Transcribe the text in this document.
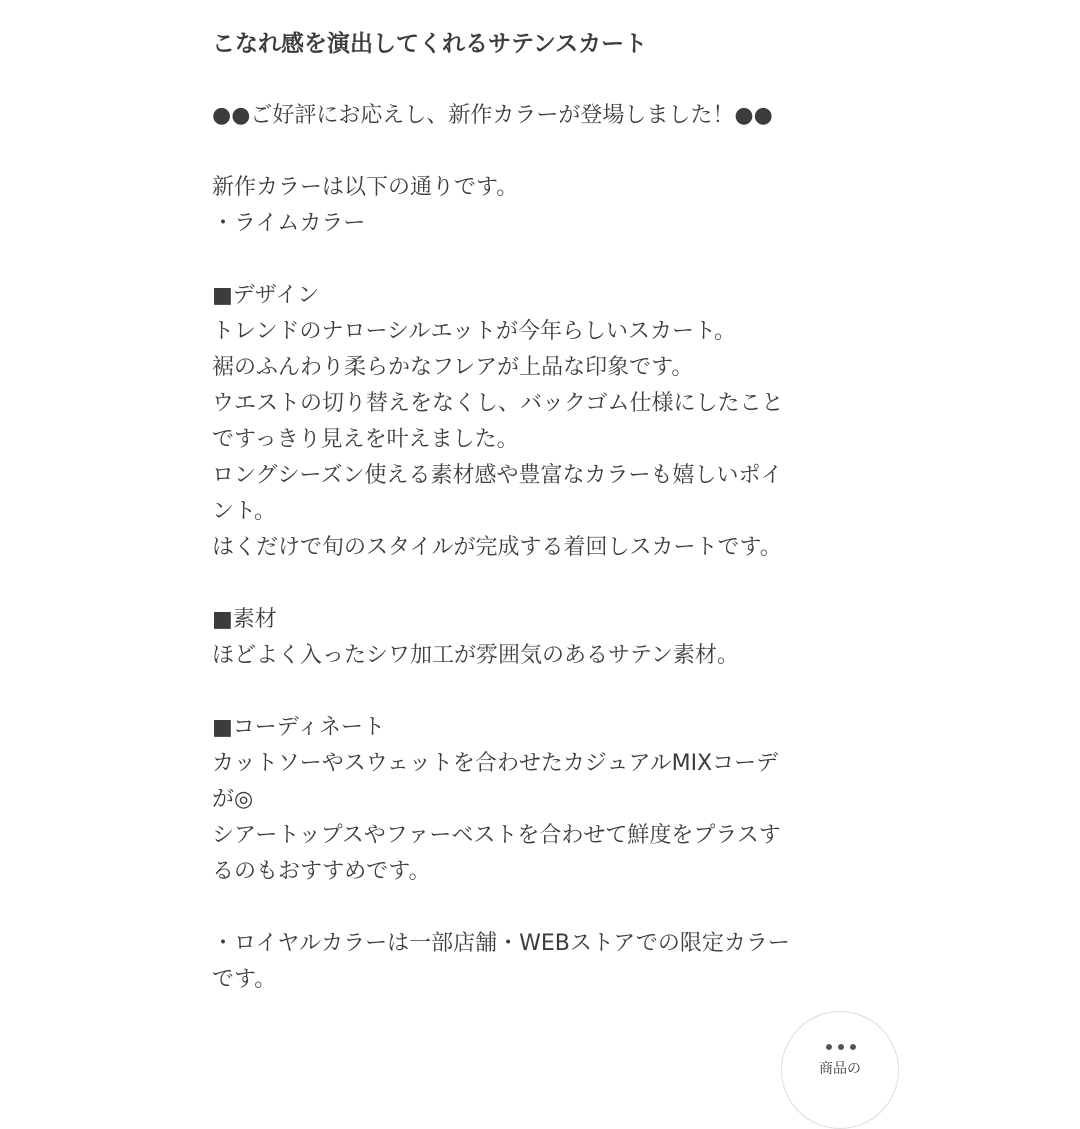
こなれ感を演出してくれるサテンスカート

●●ご好評にお応えし、新作カラーが登場しました！●●

新作カラーは以下の通りです。
・ライムカラー

■デザイン
トレンドのナローシルエットが今年らしいスカート。
裾のふんわり柔らかなフレアが上品な印象です。
ウエストの切り替えをなくし、バックゴム仕様にしたこと
ですっきり見えを叶えました。
ロングシーズン使える素材感や豊富なカラーも嬉しいポイ
ント。
はくだけで旬のスタイルが完成する着回しスカートです。

■素材
ほどよく入ったシワ加工が雰囲気のあるサテン素材。

■コーディネート
カットソーやスウェットを合わせたカジュアルMIXコーデ
が◎
シアートップスやファーベストを合わせて鮮度をプラスす
るのもおすすめです。

・ロイヤルカラーは一部店舗・WEBストアでの限定カラー
です。

商品の
